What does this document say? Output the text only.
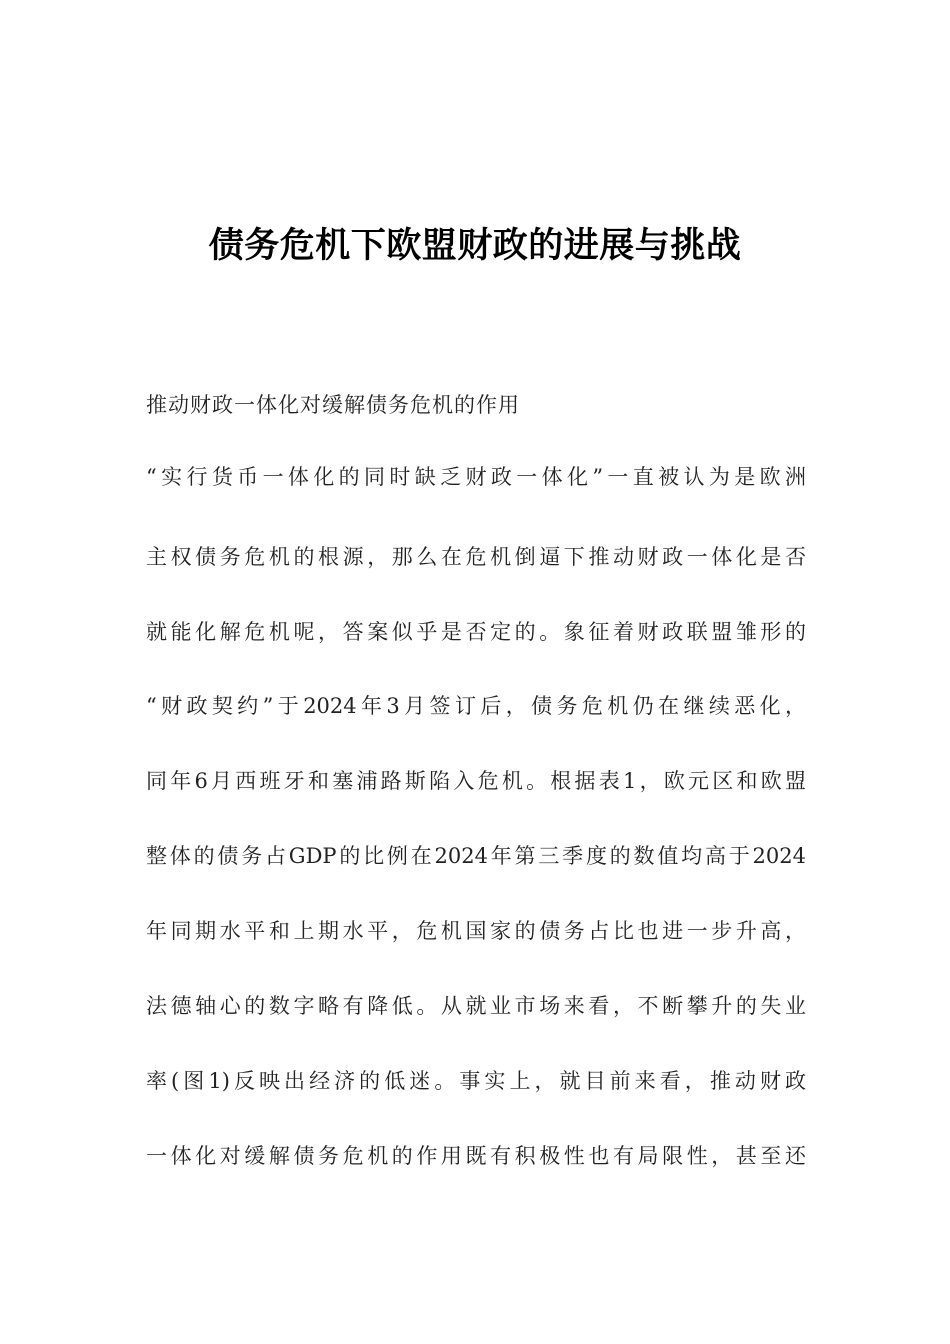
债务危机下欧盟财政的进展与挑战
推动财政一体化对缓解债务危机的作用
“实行货币一体化的同时缺乏财政一体化”一直被认为是欧洲
主权债务危机的根源，那么在危机倒逼下推动财政一体化是否
就能化解危机呢，答案似乎是否定的。象征着财政联盟雏形的
“财政契约”于2024年3月签订后，债务危机仍在继续恶化，
同年6月西班牙和塞浦路斯陷入危机。根据表1，欧元区和欧盟
整体的债务占GDP的比例在2024年第三季度的数值均高于2024
年同期水平和上期水平，危机国家的债务占比也进一步升高，
法德轴心的数字略有降低。从就业市场来看，不断攀升的失业
率(图1)反映出经济的低迷。事实上，就目前来看，推动财政
一体化对缓解债务危机的作用既有积极性也有局限性，甚至还
